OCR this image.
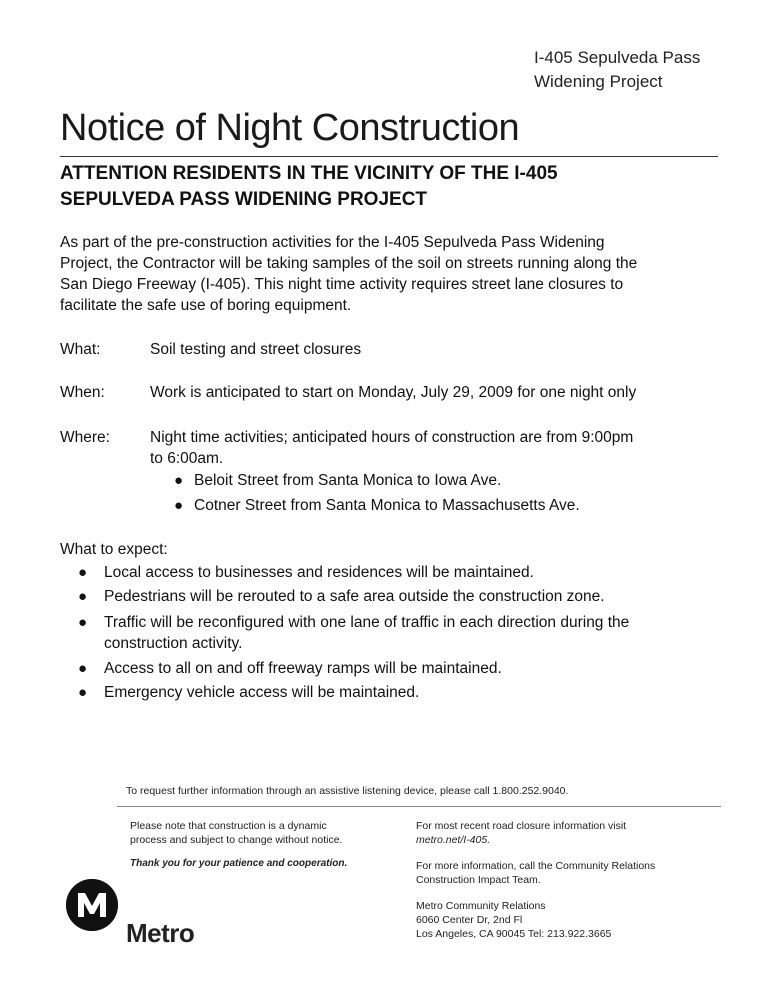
I-405 Sepulveda Pass
Widening Project
Notice of Night Construction
ATTENTION RESIDENTS IN THE VICINITY OF THE I-405
SEPULVEDA PASS WIDENING PROJECT
As part of the pre-construction activities for the I-405 Sepulveda Pass Widening
Project, the Contractor will be taking samples of the soil on streets running along the
San Diego Freeway (I-405). This night time activity requires street lane closures to
facilitate the safe use of boring equipment.
What:	Soil testing and street closures
When:	Work is anticipated to start on Monday, July 29, 2009 for one night only
Where:	Night time activities; anticipated hours of construction are from 9:00pm
to 6:00am.
● Beloit Street from Santa Monica to Iowa Ave.
● Cotner Street from Santa Monica to Massachusetts Ave.
What to expect:
● Local access to businesses and residences will be maintained.
● Pedestrians will be rerouted to a safe area outside the construction zone.
● Traffic will be reconfigured with one lane of traffic in each direction during the
construction activity.
● Access to all on and off freeway ramps will be maintained.
● Emergency vehicle access will be maintained.
To request further information through an assistive listening device, please call 1.800.252.9040.
Please note that construction is a dynamic
process and subject to change without notice.
Thank you for your patience and cooperation.
For most recent road closure information visit
metro.net/I-405.
For more information, call the Community Relations
Construction Impact Team.
Metro Community Relations
6060 Center Dr, 2nd Fl
Los Angeles, CA 90045 Tel: 213.922.3665
Metro
